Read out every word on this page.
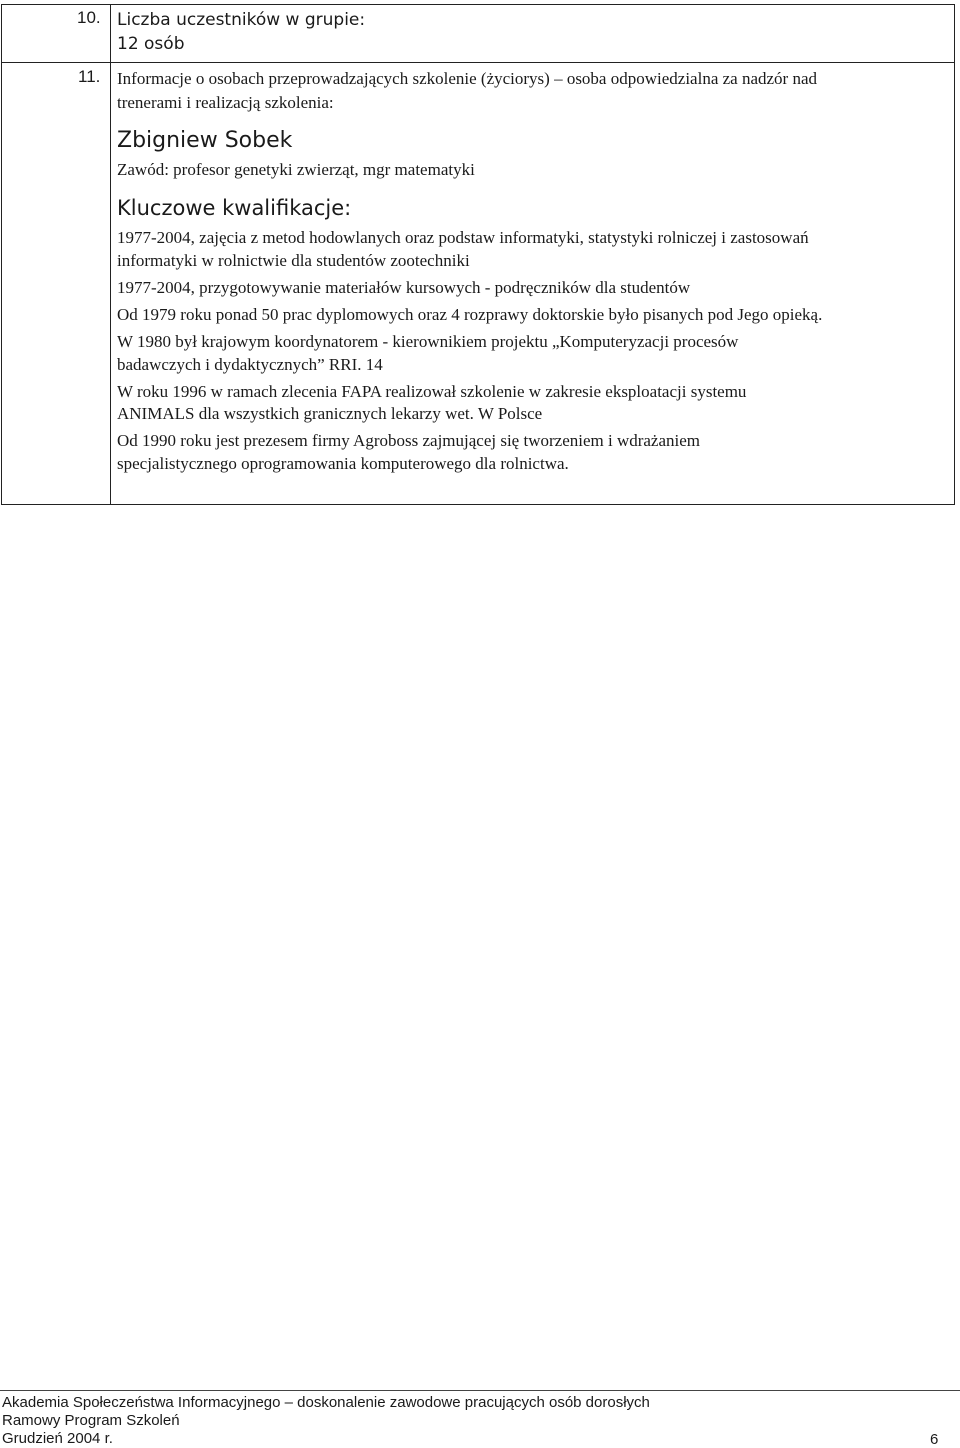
10. Liczba uczestników w grupie:
12 osób
11. Informacje o osobach przeprowadzających szkolenie (życiorys) – osoba odpowiedzialna za nadzór nad
trenerami i realizacją szkolenia:
Zbigniew Sobek
Zawód: profesor genetyki zwierząt, mgr matematyki
Kluczowe kwalifikacje:
1977-2004, zajęcia z metod hodowlanych oraz podstaw informatyki, statystyki rolniczej i zastosowań
informatyki w rolnictwie dla studentów zootechniki
1977-2004, przygotowywanie materiałów kursowych - podręczników dla studentów
Od 1979 roku ponad 50 prac dyplomowych oraz 4 rozprawy doktorskie było pisanych pod Jego opieką.
W 1980 był krajowym koordynatorem - kierownikiem projektu „Komputeryzacji procesów
badawczych i dydaktycznych” RRI. 14
W roku 1996 w ramach zlecenia FAPA realizował szkolenie w zakresie eksploatacji systemu
ANIMALS dla wszystkich granicznych lekarzy wet. W Polsce
Od 1990 roku jest prezesem firmy Agroboss zajmującej się tworzeniem i wdrażaniem
specjalistycznego oprogramowania komputerowego dla rolnictwa.
Akademia Społeczeństwa Informacyjnego – doskonalenie zawodowe pracujących osób dorosłych
Ramowy Program Szkoleń
Grudzień 2004 r.	6
